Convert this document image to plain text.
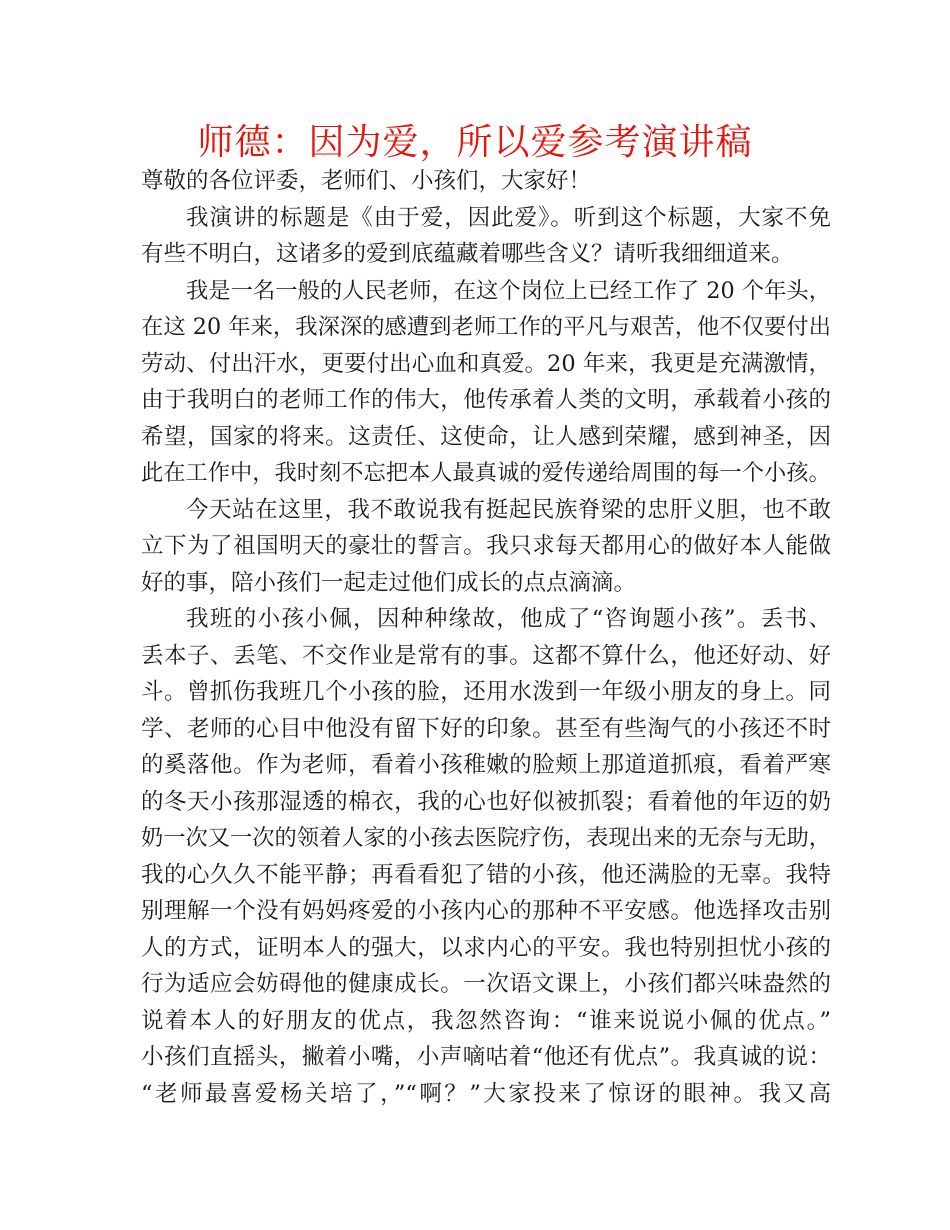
师德：因为爱，所以爱参考演讲稿
尊敬的各位评委，老师们、小孩们，大家好！
我演讲的标题是《由于爱，因此爱》。听到这个标题，大家不免
有些不明白，这诸多的爱到底蕴藏着哪些含义？请听我细细道来。
我是一名一般的人民老师，在这个岗位上已经工作了 20 个年头，
在这 20 年来，我深深的感遭到老师工作的平凡与艰苦，他不仅要付出
劳动、付出汗水，更要付出心血和真爱。20 年来，我更是充满激情，
由于我明白的老师工作的伟大，他传承着人类的文明，承载着小孩的
希望，国家的将来。这责任、这使命，让人感到荣耀，感到神圣，因
此在工作中，我时刻不忘把本人最真诚的爱传递给周围的每一个小孩。
今天站在这里，我不敢说我有挺起民族脊梁的忠肝义胆，也不敢
立下为了祖国明天的豪壮的誓言。我只求每天都用心的做好本人能做
好的事，陪小孩们一起走过他们成长的点点滴滴。
我班的小孩小佩，因种种缘故，他成了“咨询题小孩”。丢书、
丢本子、丢笔、不交作业是常有的事。这都不算什么，他还好动、好
斗。曾抓伤我班几个小孩的脸，还用水泼到一年级小朋友的身上。同
学、老师的心目中他没有留下好的印象。甚至有些淘气的小孩还不时
的奚落他。作为老师，看着小孩稚嫩的脸颊上那道道抓痕，看着严寒
的冬天小孩那湿透的棉衣，我的心也好似被抓裂；看着他的年迈的奶
奶一次又一次的领着人家的小孩去医院疗伤，表现出来的无奈与无助，
我的心久久不能平静；再看看犯了错的小孩，他还满脸的无辜。我特
别理解一个没有妈妈疼爱的小孩内心的那种不平安感。他选择攻击别
人的方式，证明本人的强大，以求内心的平安。我也特别担忧小孩的
行为适应会妨碍他的健康成长。一次语文课上，小孩们都兴味盎然的
说着本人的好朋友的优点，我忽然咨询：“谁来说说小佩的优点。”
小孩们直摇头，撇着小嘴，小声嘀咕着“他还有优点”。我真诚的说：
“老师最喜爱杨关培了，”“啊？”大家投来了惊讶的眼神。我又高
